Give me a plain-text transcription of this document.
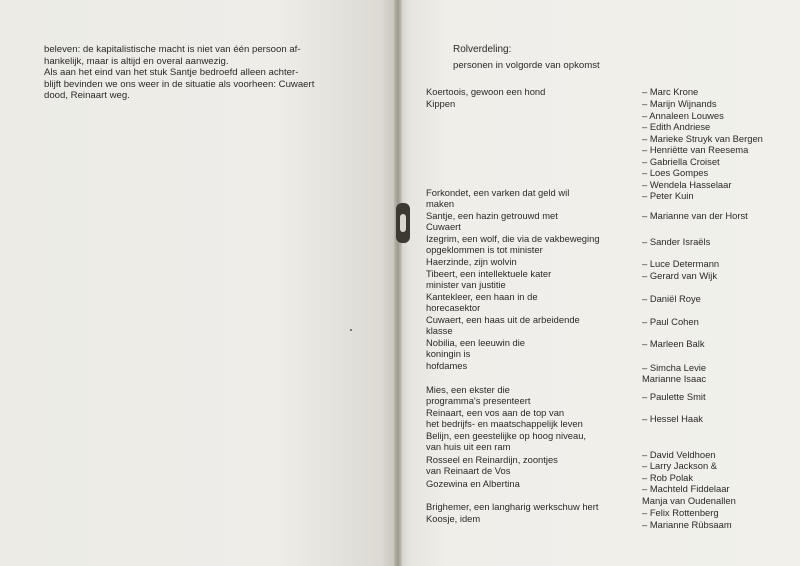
beleven: de kapitalistische macht is niet van één persoon af-
hankelijk, maar is altijd en overal aanwezig.
Als aan het eind van het stuk Santje bedroefd alleen achter-
blijft bevinden we ons weer in de situatie als voorheen: Cuwaert
dood, Reinaart weg.
Rolverdeling:
personen in volgorde van opkomst
Koertoois, gewoon een hond
Kippen
Forkondet, een varken dat geld wil
maken
Santje, een hazin getrouwd met
Cuwaert
Izegrim, een wolf, die via de vakbeweging
opgeklommen is tot minister
Haerzinde, zijn wolvin
Tibeert, een intellektuele kater
minister van justitie
Kantekleer, een haan in de
horecasektor
Cuwaert, een haas uit de arbeidende
klasse
Nobilia, een leeuwin die
koningin is
hofdames
Mies, een ekster die
programma's presenteert
Reinaart, een vos aan de top van
het bedrijfs- en maatschappelijk leven
Belijn, een geestelijke op hoog niveau,
van huis uit een ram
Rosseel en Reinardijn, zoontjes
van Reinaart de Vos
Gozewina en Albertina
Brighemer, een langharig werkschuw hert
Koosje, idem
– Marc Krone
– Marijn Wijnands
– Annaleen Louwes
– Edith Andriese
– Marieke Struyk van Bergen
– Henriëtte van Reesema
– Gabriella Croiset
– Loes Gompes
– Wendela Hasselaar
– Peter Kuin
– Marianne van der Horst
– Sander Israëls
– Luce Determann
– Gerard van Wijk
– Daniël Roye
– Paul Cohen
– Marleen Balk
– Simcha Levie
Marianne Isaac
– Paulette Smit
– Hessel Haak
– David Veldhoen
– Larry Jackson &
– Rob Polak
– Machteld Fiddelaar
Manja van Oudenallen
– Felix Rottenberg
– Marianne Rübsaam
